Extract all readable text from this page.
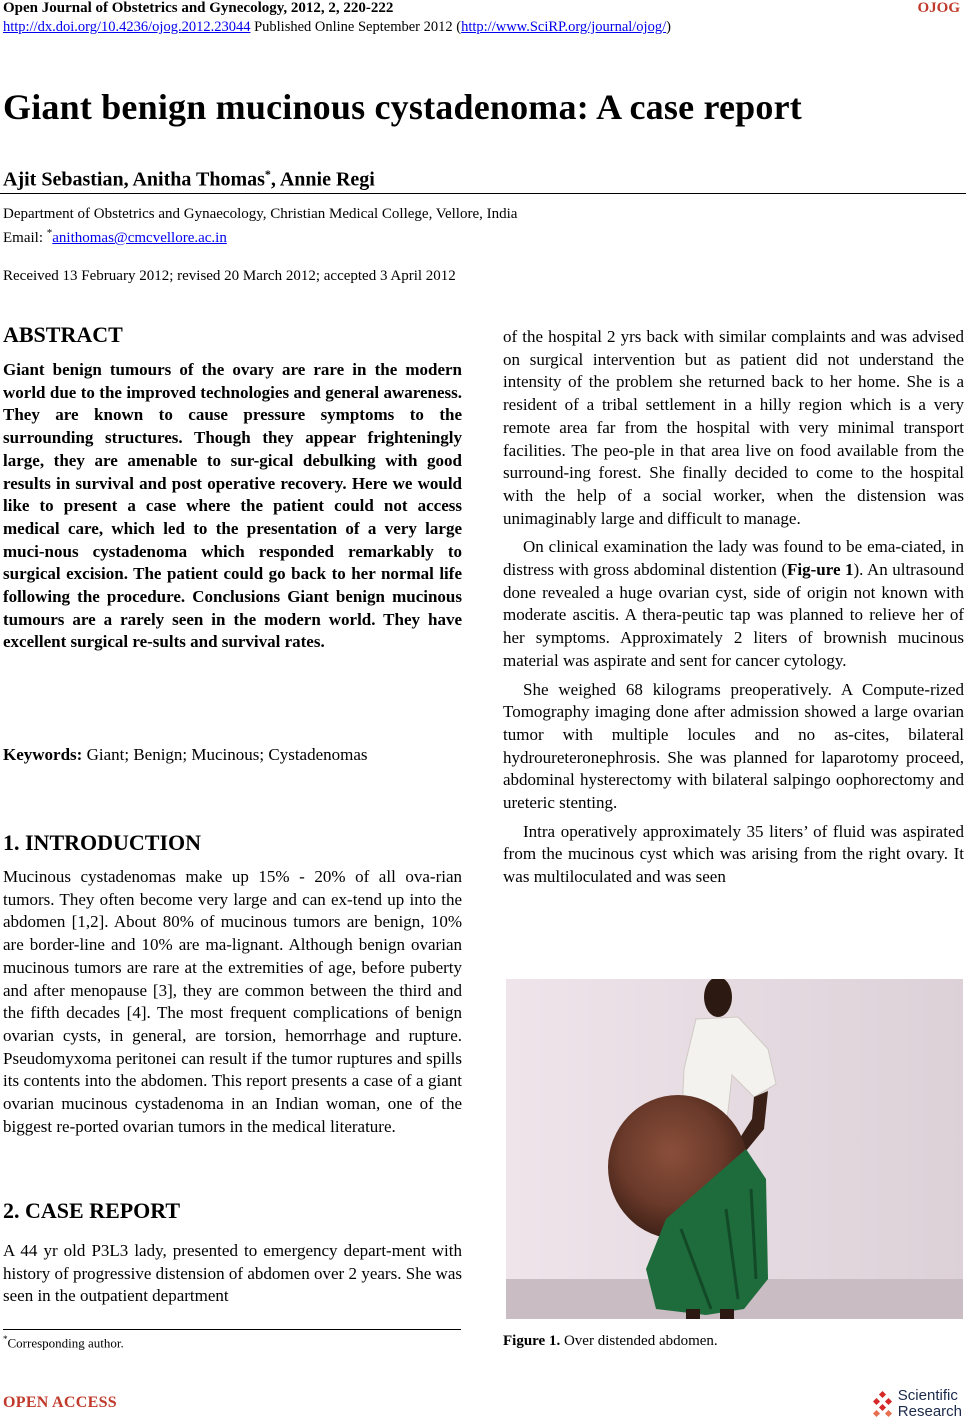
Open Journal of Obstetrics and Gynecology, 2012, 2, 220-222	OJOG
http://dx.doi.org/10.4236/ojog.2012.23044 Published Online September 2012 (http://www.SciRP.org/journal/ojog/)
Giant benign mucinous cystadenoma: A case report
Ajit Sebastian, Anitha Thomas*, Annie Regi
Department of Obstetrics and Gynaecology, Christian Medical College, Vellore, India
Email: *anithomas@cmcvellore.ac.in
Received 13 February 2012; revised 20 March 2012; accepted 3 April 2012
ABSTRACT
Giant benign tumours of the ovary are rare in the modern world due to the improved technologies and general awareness. They are known to cause pressure symptoms to the surrounding structures. Though they appear frighteningly large, they are amenable to sur-gical debulking with good results in survival and post operative recovery. Here we would like to present a case where the patient could not access medical care, which led to the presentation of a very large muci-nous cystadenoma which responded remarkably to surgical excision. The patient could go back to her normal life following the procedure. Conclusions Giant benign mucinous tumours are a rarely seen in the modern world. They have excellent surgical re-sults and survival rates.
Keywords: Giant; Benign; Mucinous; Cystadenomas
1. INTRODUCTION
Mucinous cystadenomas make up 15% - 20% of all ova-rian tumors. They often become very large and can ex-tend up into the abdomen [1,2]. About 80% of mucinous tumors are benign, 10% are border-line and 10% are ma-lignant. Although benign ovarian mucinous tumors are rare at the extremities of age, before puberty and after menopause [3], they are common between the third and the fifth decades [4]. The most frequent complications of benign ovarian cysts, in general, are torsion, hemorrhage and rupture. Pseudomyxoma peritonei can result if the tumor ruptures and spills its contents into the abdomen. This report presents a case of a giant ovarian mucinous cystadenoma in an Indian woman, one of the biggest re-ported ovarian tumors in the medical literature.
2. CASE REPORT
A 44 yr old P3L3 lady, presented to emergency depart-ment with history of progressive distension of abdomen over 2 years. She was seen in the outpatient department

of the hospital 2 yrs back with similar complaints and was advised on surgical intervention but as patient did not understand the intensity of the problem she returned back to her home. She is a resident of a tribal settlement in a hilly region which is a very remote area far from the hospital with very minimal transport facilities. The peo-ple in that area live on food available from the surround-ing forest. She finally decided to come to the hospital with the help of a social worker, when the distension was unimaginably large and difficult to manage.

On clinical examination the lady was found to be ema-ciated, in distress with gross abdominal distention (Fig-ure 1). An ultrasound done revealed a huge ovarian cyst, side of origin not known with moderate ascitis. A thera-peutic tap was planned to relieve her of her symptoms. Approximately 2 liters of brownish mucinous material was aspirate and sent for cancer cytology.

She weighed 68 kilograms preoperatively. A Compute-rized Tomography imaging done after admission showed a large ovarian tumor with multiple locules and no as-cites, bilateral hydroureteronephrosis. She was planned for laparotomy proceed, abdominal hysterectomy with bilateral salpingo oophorectomy and ureteric stenting.

Intra operatively approximately 35 liters’ of fluid was aspirated from the mucinous cyst which was arising from the right ovary. It was multiloculated and was seen

Figure 1. Over distended abdomen.
*Corresponding author.
OPEN ACCESS	Scientific
Research
